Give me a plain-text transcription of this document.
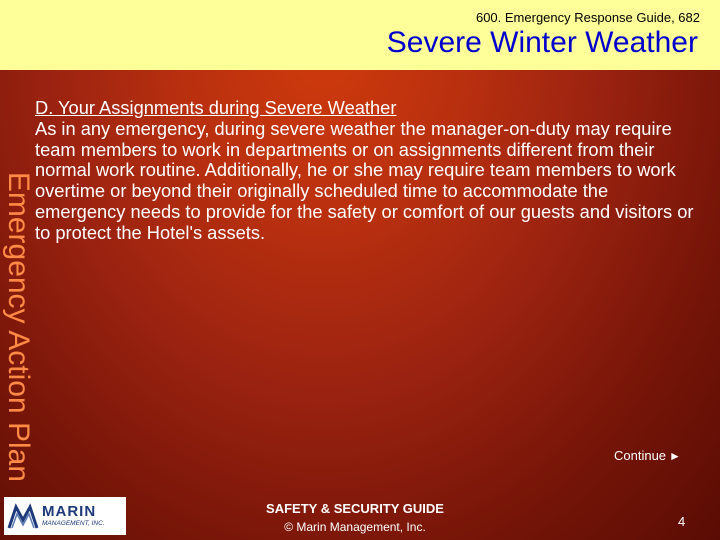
600. Emergency Response Guide, 682
Severe Winter Weather
Emergency Action Plan
D. Your Assignments during Severe Weather

As in any emergency, during severe weather the manager-on-duty may require team members to work in departments or on assignments different from their normal work routine. Additionally, he or she may require team members to work overtime or beyond their originally scheduled time to accommodate the emergency needs to provide for the safety or comfort of our guests and visitors or to protect the Hotel's assets.

Continue ►
MARIN
MANAGEMENT, INC.
SAFETY & SECURITY GUIDE
© Marin Management, Inc.	4
